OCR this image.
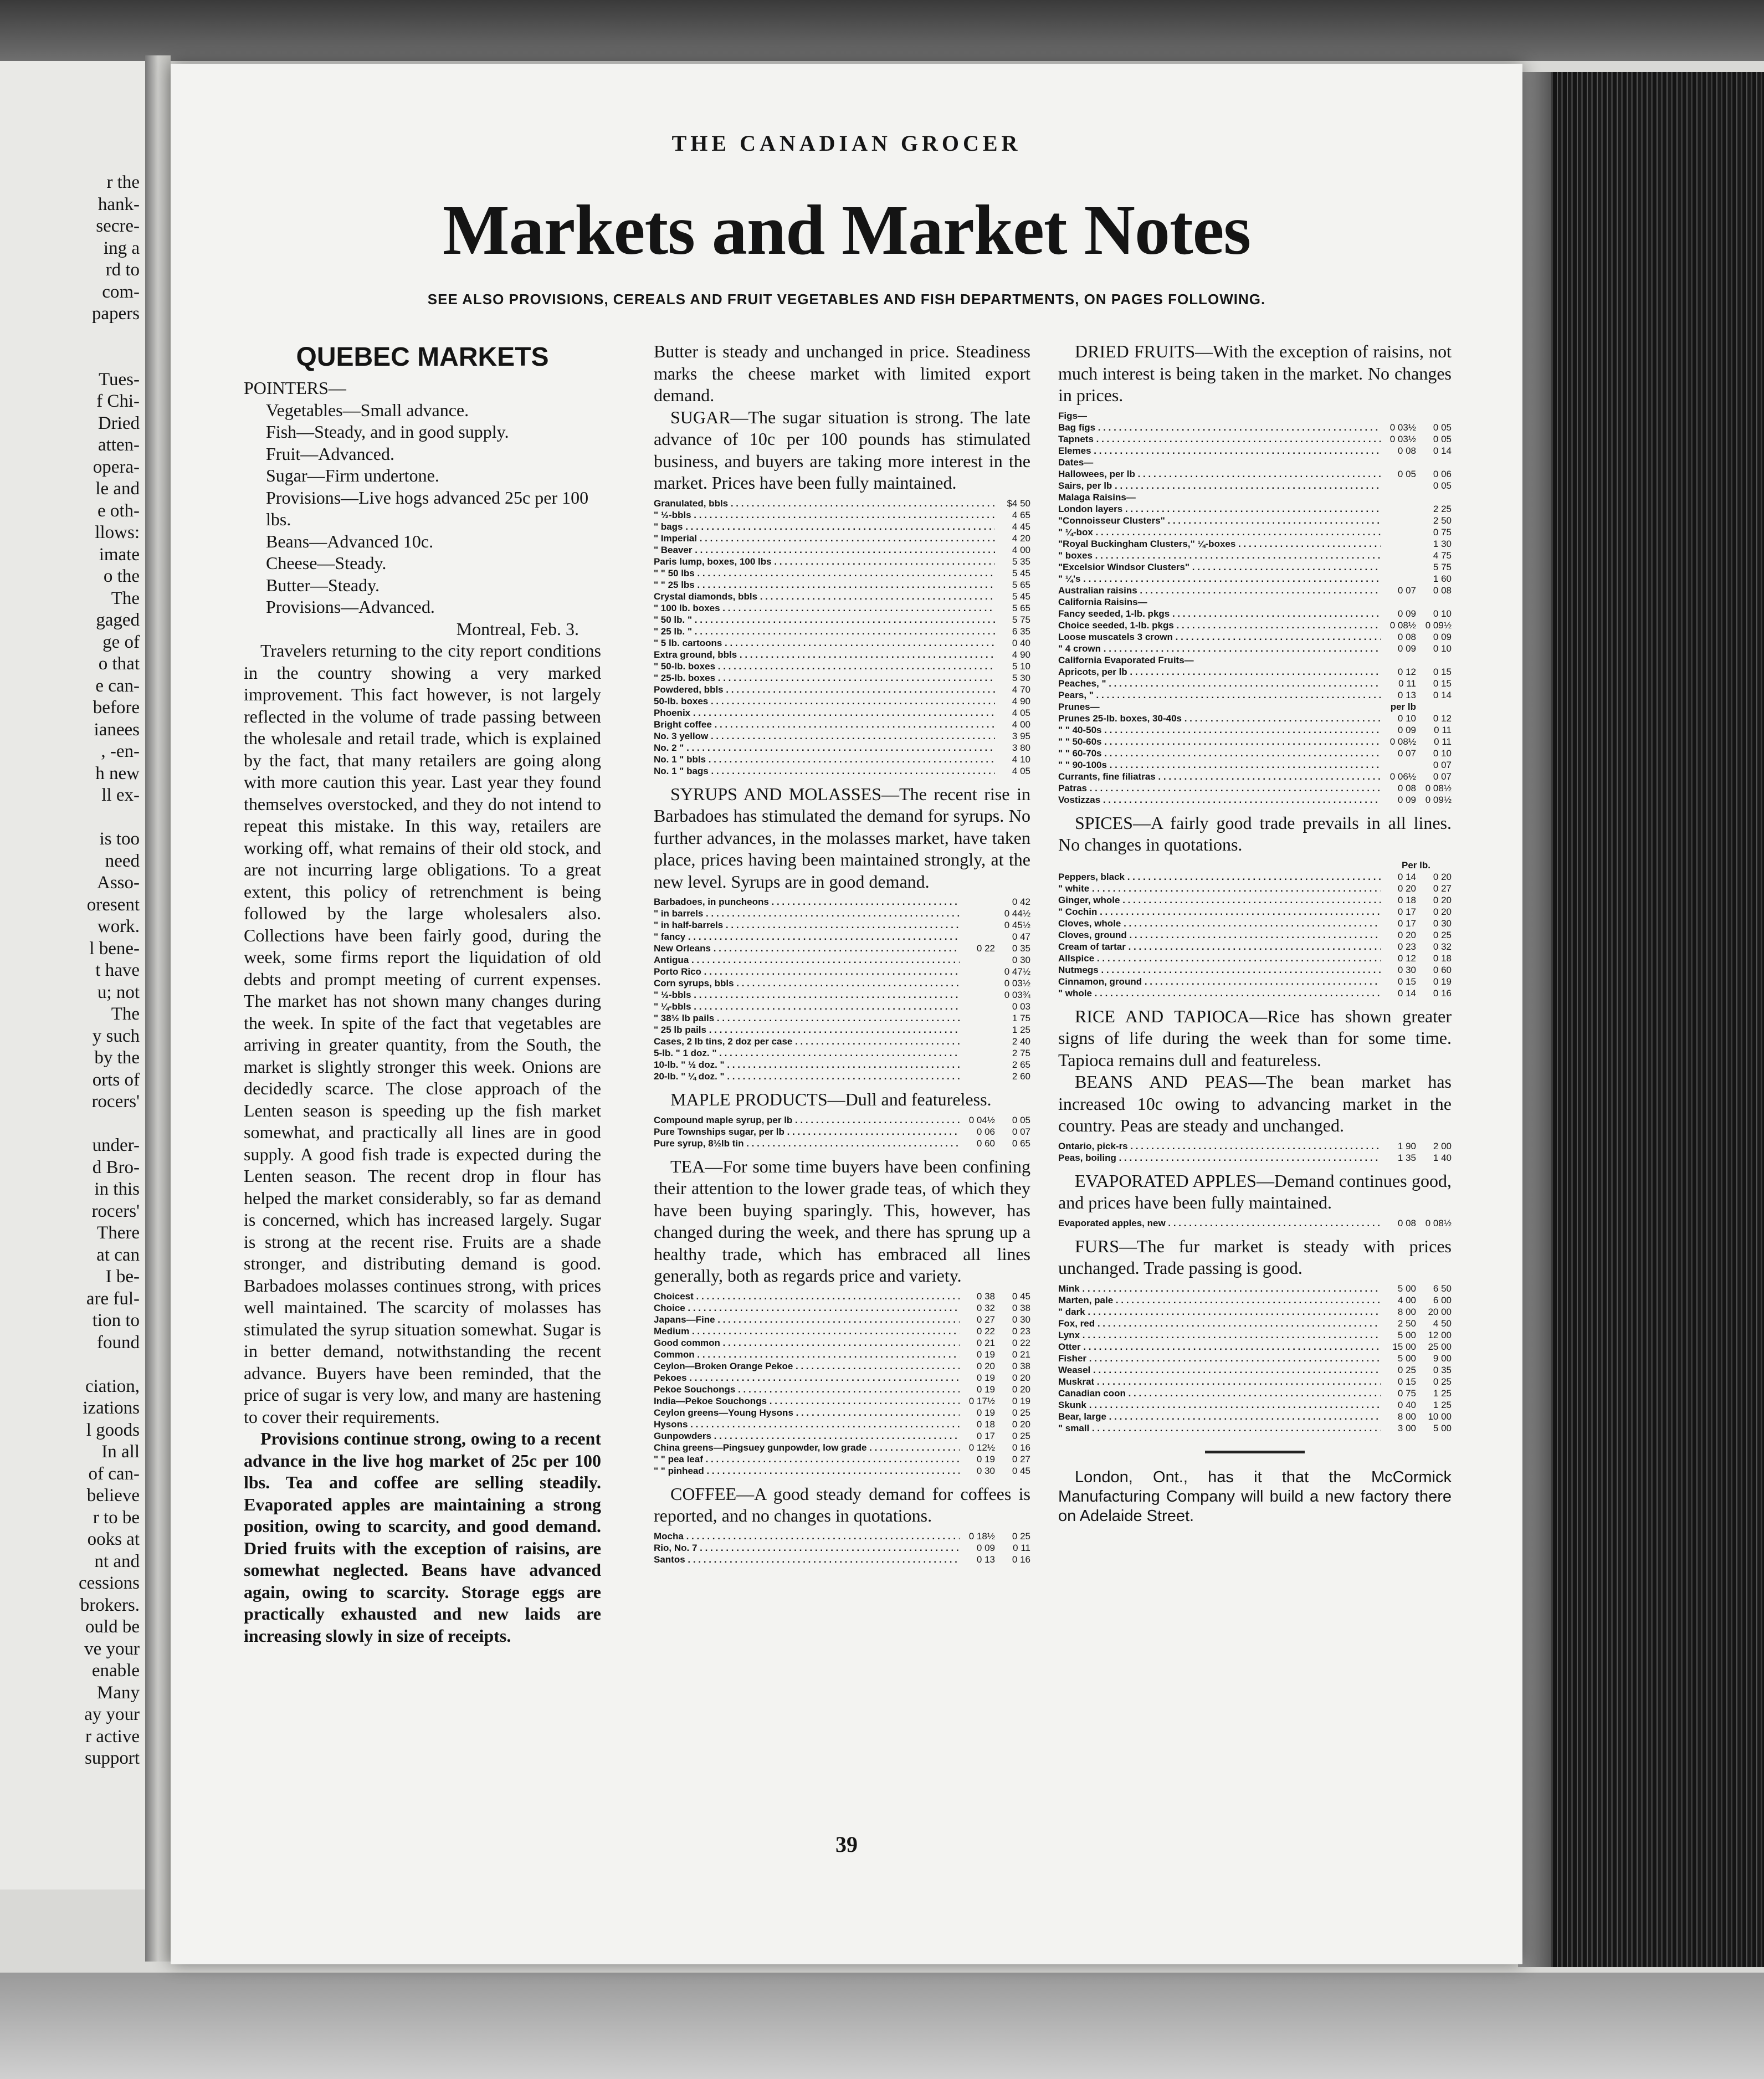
r the
hank-
secre-
ing a
rd to
com-
papers

Tues-
f Chi-
Dried
atten-
opera-
le and
e oth-
llows:
imate
o the
The
gaged
ge of
o that
e can-
before
ianees
, -en-
h new
ll ex-

is too
need
Asso-
oresent
work.
l bene-
t have
u; not
The
y such
by the
orts of
rocers'

under-
d Bro-
in this
rocers'
There
at can
I be-
are ful-
tion to
found

ciation,
izations
l goods
In all
of can-
believe
r to be
ooks at
nt and
cessions
brokers.
ould be
ve your
enable
Many
ay your
r active
support
THE CANADIAN GROCER
Markets and Market Notes
SEE ALSO PROVISIONS, CEREALS AND FRUIT VEGETABLES AND FISH DEPARTMENTS, ON PAGES FOLLOWING.
QUEBEC MARKETS
POINTERS—
Vegetables—Small advance.
Fish—Steady, and in good supply.
Fruit—Advanced.
Sugar—Firm undertone.
Provisions—Live hogs advanced 25c per 100 lbs.
Beans—Advanced 10c.
Cheese—Steady.
Butter—Steady.
Provisions—Advanced.
Montreal, Feb. 3.

Travelers returning to the city report conditions in the country showing a very marked improvement. This fact however, is not largely reflected in the volume of trade passing between the wholesale and retail trade, which is explained by the fact, that many retailers are going along with more caution this year. Last year they found themselves overstocked, and they do not intend to repeat this mistake. In this way, retailers are working off, what remains of their old stock, and are not incurring large obligations. To a great extent, this policy of retrenchment is being followed by the large wholesalers also. Collections have been fairly good, during the week, some firms report the liquidation of old debts and prompt meeting of current expenses. The market has not shown many changes during the week. In spite of the fact that vegetables are arriving in greater quantity, from the South, the market is slightly stronger this week. Onions are decidedly scarce. The close approach of the Lenten season is speeding up the fish market somewhat, and practically all lines are in good supply. A good fish trade is expected during the Lenten season. The recent drop in flour has helped the market considerably, so far as demand is concerned, which has increased largely. Sugar is strong at the recent rise. Fruits are a shade stronger, and distributing demand is good. Barbadoes molasses continues strong, with prices well maintained. The scarcity of molasses has stimulated the syrup situation somewhat. Sugar is in better demand, notwithstanding the recent advance. Buyers have been reminded, that the price of sugar is very low, and many are hastening to cover their requirements.

Provisions continue strong, owing to a recent advance in the live hog market of 25c per 100 lbs. Tea and coffee are selling steadily. Evaporated apples are maintaining a strong position, owing to scarcity, and good demand. Dried fruits with the exception of raisins, are somewhat neglected. Beans have advanced again, owing to scarcity. Storage eggs are practically exhausted and new laids are increasing slowly in size of receipts.

Butter is steady and unchanged in price. Steadiness marks the cheese market with limited export demand.

SUGAR—The sugar situation is strong. The late advance of 10c per 100 pounds has stimulated business, and buyers are taking more interest in the market. Prices have been fully maintained.

Granulated, bbls . . .	$4 50
" ½-bbls . . .	4 65
" bags . . .	4 45
" Imperial . . .	4 20
" Beaver . . .	4 00
Paris lump, boxes, 100 lbs . . .	5 35
" " 50 lbs . . .	5 45
" " 25 lbs . . .	5 65
Crystal diamonds, bbls . . .	5 45
" 100 lb. boxes . . .	5 65
" 50 lb. " . . .	5 75
" 25 lb. " . . .	6 35
" 5 lb. cartoons . . .	0 40
Extra ground, bbls . . .	4 90
" 50-lb. boxes . . .	5 10
" 25-lb. boxes . . .	5 30
Powdered, bbls . . .	4 70
50-lb. boxes . . .	4 90
Phoenix . . .	4 05
Bright coffee . . .	4 00
No. 3 yellow . . .	3 95
No. 2 " . . .	3 80
No. 1 " bbls . . .	4 10
No. 1 " bags . . .	4 05

SYRUPS AND MOLASSES—The recent rise in Barbadoes has stimulated the demand for syrups. No further advances, in the molasses market, have taken place, prices having been maintained strongly, at the new level. Syrups are in good demand.

Barbadoes, in puncheons . . .	0 42
" in barrels . . .	0 44½
" in half-barrels . . .	0 45½
" fancy . . .	0 47
New Orleans . . .	0 22	0 35
Antigua . . .	0 30
Porto Rico . . .	0 47½
Corn syrups, bbls . . .	0 03½
" ½-bbls . . .	0 03¾
" ¼-bbls . . .	0 03
" 38½ lb pails . . .	1 75
" 25 lb pails . . .	1 25
Cases, 2 lb tins, 2 doz per case . . .	2 40
5-lb. " 1 doz. " . . .	2 75
10-lb. " ½ doz. " . . .	2 65
20-lb. " ¼ doz. " . . .	2 60

MAPLE PRODUCTS—Dull and featureless.

Compound maple syrup, per lb . . .	0 04½	0 05
Pure Townships sugar, per lb . . .	0 06	0 07
Pure syrup, 8½lb tin . . .	0 60	0 65

TEA—For some time buyers have been confining their attention to the lower grade teas, of which they have been buying sparingly. This, however, has changed during the week, and there has sprung up a healthy trade, which has embraced all lines generally, both as regards price and variety.

Choicest . . .	0 38	0 45
Choice . . .	0 32	0 38
Japans—Fine . . .	0 27	0 30
Medium . . .	0 22	0 23
Good common . . .	0 21	0 22
Common . . .	0 19	0 21
Ceylon—Broken Orange Pekoe . . .	0 20	0 38
Pekoes . . .	0 19	0 20
Pekoe Souchongs . . .	0 19	0 20
India—Pekoe Souchongs . . .	0 17½	0 19
Ceylon greens—Young Hysons . . .	0 19	0 25
Hysons . . .	0 18	0 20
Gunpowders . . .	0 17	0 25
China greens—Pingsuey gunpowder, low grade . . .	0 12½	0 16
" " pea leaf . . .	0 19	0 27
" " pinhead . . .	0 30	0 45

COFFEE—A good steady demand for coffees is reported, and no changes in quotations.

Mocha . . .	0 18½	0 25
Rio, No. 7 . . .	0 09	0 11
Santos . . .	0 13	0 16

DRIED FRUITS—With the exception of raisins, not much interest is being taken in the market. No changes in prices.

Figs—
Bag figs . . .	0 03½	0 05
Tapnets . . .	0 03½	0 05
Elemes . . .	0 08	0 14
Dates—
Hallowees, per lb . . .	0 05	0 06
Sairs, per lb . . .	0 05
Malaga Raisins—
London layers . . .	2 25
"Connoisseur Clusters" . . .	2 50
" ¼-box . . .	0 75
"Royal Buckingham Clusters," ¼-boxes . . .	1 30
" boxes . . .	4 75
"Excelsior Windsor Clusters" . . .	5 75
" ¼'s . . .	1 60
Australian raisins . . .	0 07	0 08
California Raisins—
Fancy seeded, 1-lb. pkgs . . .	0 09	0 10
Choice seeded, 1-lb. pkgs . . .	0 08½ 0 09½
Loose muscatels 3 crown . . .	0 08	0 09
" 4 crown . . .	0 09	0 10
California Evaporated Fruits—
Apricots, per lb . . .	0 12	0 15
Peaches, " . . .	0 11	0 15
Pears, " . . .	0 13	0 14
Prunes—	per lb
Prunes 25-lb. boxes, 30-40s . . .	0 10	0 12
" " 40-50s . . .	0 09	0 11
" " 50-60s . . .	0 08½	0 11
" " 60-70s . . .	0 07	0 10
" " 90-100s . . .	0 07
Currants, fine filiatras . . .	0 06½	0 07
Patras . . .	0 08 0 08½
Vostizzas . . .	0 09 0 09½

SPICES—A fairly good trade prevails in all lines. No changes in quotations.

Per lb.
Peppers, black . . .	0 14	0 20
" white . . .	0 20	0 27
Ginger, whole . . .	0 18	0 20
" Cochin . . .	0 17	0 20
Cloves, whole . . .	0 17	0 30
Cloves, ground . . .	0 20	0 25
Cream of tartar . . .	0 23	0 32
Allspice . . .	0 12	0 18
Nutmegs . . .	0 30	0 60
Cinnamon, ground . . .	0 15	0 19
" whole . . .	0 14	0 16

RICE AND TAPIOCA—Rice has shown greater signs of life during the week than for some time. Tapioca remains dull and featureless.

BEANS AND PEAS—The bean market has increased 10c owing to advancing market in the country. Peas are steady and unchanged.

Ontario, pick-rs . . .	1 90	2 00
Peas, boiling . . .	1 35	1 40

EVAPORATED APPLES—Demand continues good, and prices have been fully maintained.

Evaporated apples, new . . .	0 08 0 08½

FURS—The fur market is steady with prices unchanged. Trade passing is good.

Mink . . .	5 00	6 50
Marten, pale . . .	4 00	6 00
" dark . . .	8 00	20 00
Fox, red . . .	2 50	4 50
Lynx . . .	5 00	12 00
Otter . . .	15 00	25 00
Fisher . . .	5 00	9 00
Weasel . . .	0 25	0 35
Muskrat . . .	0 15	0 25
Canadian coon . . .	0 75	1 25
Skunk . . .	0 40	1 25
Bear, large . . .	8 00	10 00
" small . . .	3 00	5 00

London, Ont., has it that the McCormick Manufacturing Company will build a new factory there on Adelaide Street.

39
